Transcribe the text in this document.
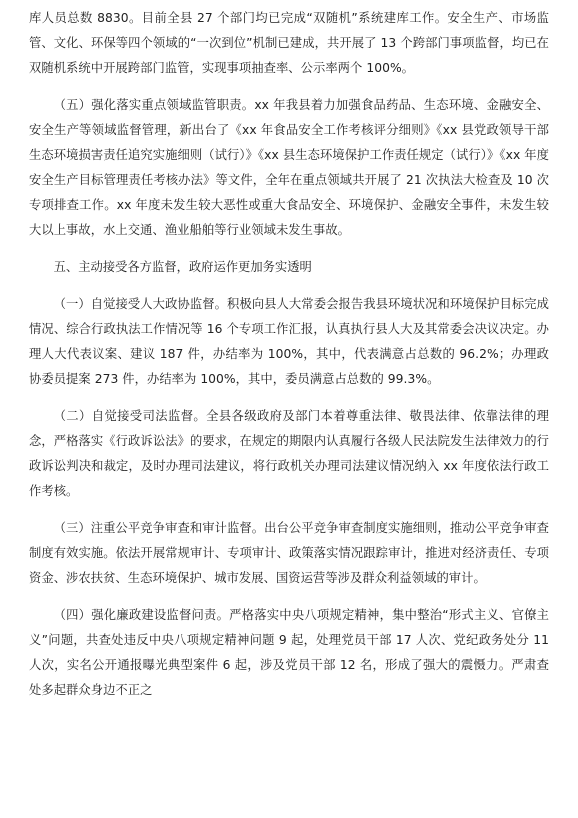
库人员总数 8830。目前全县 27 个部门均已完成“双随机”系统建库工作。安全生产、市场监管、文化、环保等四个领域的“一次到位”机制已建成，共开展了 13 个跨部门事项监督，均已在双随机系统中开展跨部门监管，实现事项抽查率、公示率两个 100%。

（五）强化落实重点领域监管职责。xx 年我县着力加强食品药品、生态环境、金融安全、安全生产等领域监督管理，新出台了《xx 年食品安全工作考核评分细则》《xx 县党政领导干部生态环境损害责任追究实施细则（试行）》《xx 县生态环境保护工作责任规定（试行）》《xx 年度安全生产目标管理责任考核办法》等文件，全年在重点领域共开展了 21 次执法大检查及 10 次专项排查工作。xx 年度未发生较大恶性或重大食品安全、环境保护、金融安全事件，未发生较大以上事故，水上交通、渔业船舶等行业领域未发生事故。

五、主动接受各方监督，政府运作更加务实透明

（一）自觉接受人大政协监督。积极向县人大常委会报告我县环境状况和环境保护目标完成情况、综合行政执法工作情况等 16 个专项工作汇报，认真执行县人大及其常委会决议决定。办理人大代表议案、建议 187 件，办结率为 100%，其中，代表满意占总数的 96.2%；办理政协委员提案 273 件，办结率为 100%，其中，委员满意占总数的 99.3%。

（二）自觉接受司法监督。全县各级政府及部门本着尊重法律、敬畏法律、依靠法律的理念，严格落实《行政诉讼法》的要求，在规定的期限内认真履行各级人民法院发生法律效力的行政诉讼判决和裁定，及时办理司法建议，将行政机关办理司法建议情况纳入 xx 年度依法行政工作考核。

（三）注重公平竞争审查和审计监督。出台公平竞争审查制度实施细则，推动公平竞争审查制度有效实施。依法开展常规审计、专项审计、政策落实情况跟踪审计，推进对经济责任、专项资金、涉农扶贫、生态环境保护、城市发展、国资运营等涉及群众利益领域的审计。

（四）强化廉政建设监督问责。严格落实中央八项规定精神，集中整治“形式主义、官僚主义”问题，共查处违反中央八项规定精神问题 9 起，处理党员干部 17 人次、党纪政务处分 11 人次，实名公开通报曝光典型案件 6 起，涉及党员干部 12 名，形成了强大的震慑力。严肃查处多起群众身边不正之
